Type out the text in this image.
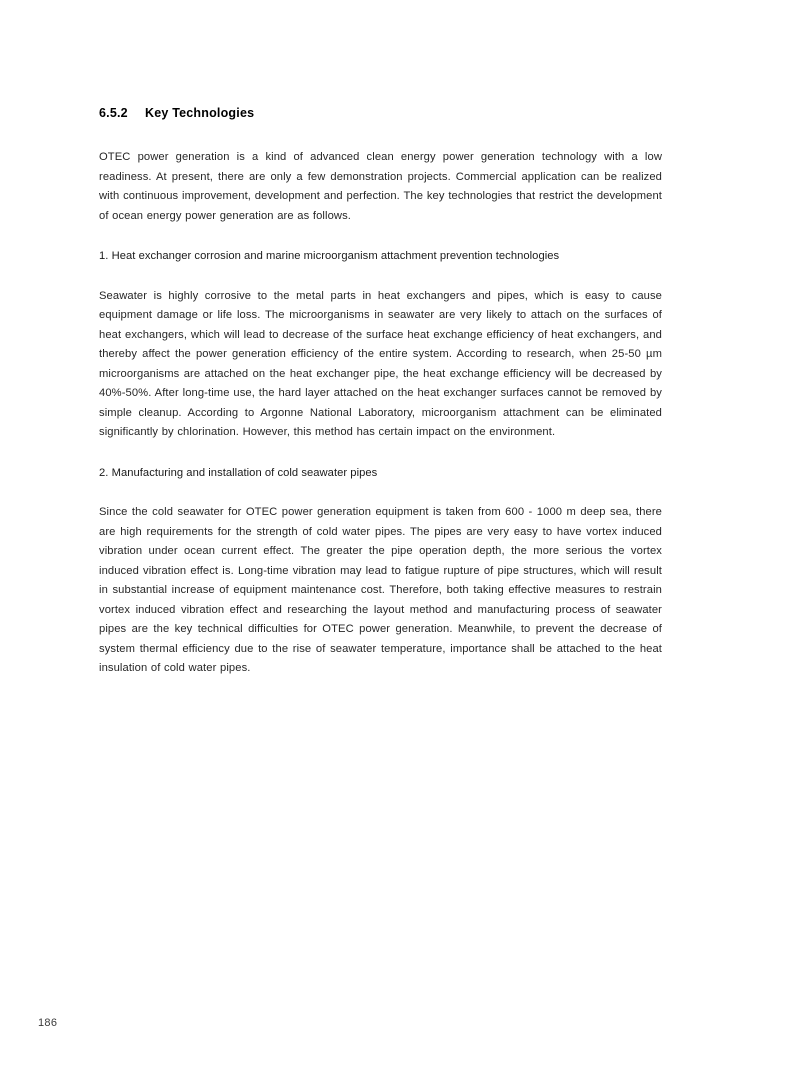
6.5.2	Key Technologies

OTEC power generation is a kind of advanced clean energy power generation technology with a low readiness. At present, there are only a few demonstration projects. Commercial application can be realized with continuous improvement, development and perfection. The key technologies that restrict the development of ocean energy power generation are as follows.

1. Heat exchanger corrosion and marine microorganism attachment prevention technologies

Seawater is highly corrosive to the metal parts in heat exchangers and pipes, which is easy to cause equipment damage or life loss. The microorganisms in seawater are very likely to attach on the surfaces of heat exchangers, which will lead to decrease of the surface heat exchange efficiency of heat exchangers, and thereby affect the power generation efficiency of the entire system. According to research, when 25-50 µm microorganisms are attached on the heat exchanger pipe, the heat exchange efficiency will be decreased by 40%-50%. After long-time use, the hard layer attached on the heat exchanger surfaces cannot be removed by simple cleanup. According to Argonne National Laboratory, microorganism attachment can be eliminated significantly by chlorination. However, this method has certain impact on the environment.

2. Manufacturing and installation of cold seawater pipes

Since the cold seawater for OTEC power generation equipment is taken from 600 - 1000 m deep sea, there are high requirements for the strength of cold water pipes. The pipes are very easy to have vortex induced vibration under ocean current effect. The greater the pipe operation depth, the more serious the vortex induced vibration effect is. Long-time vibration may lead to fatigue rupture of pipe structures, which will result in substantial increase of equipment maintenance cost. Therefore, both taking effective measures to restrain vortex induced vibration effect and researching the layout method and manufacturing process of seawater pipes are the key technical difficulties for OTEC power generation. Meanwhile, to prevent the decrease of system thermal efficiency due to the rise of seawater temperature, importance shall be attached to the heat insulation of cold water pipes.

186
